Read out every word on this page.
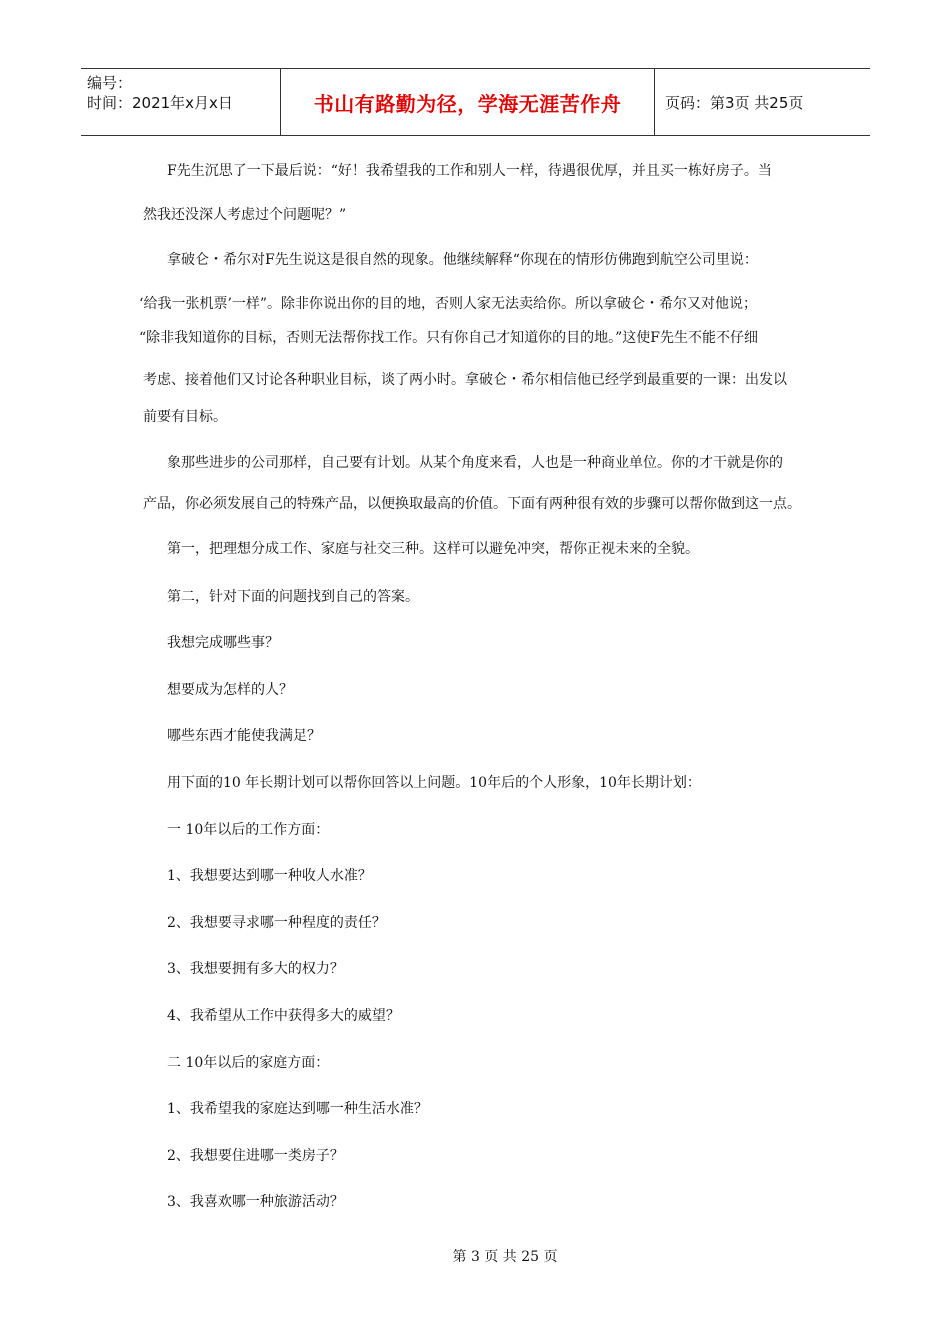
编号：
时间：2021年x月x日	书山有路勤为径，学海无涯苦作舟	页码：第3页 共25页
F先生沉思了一下最后说：“好！我希望我的工作和别人一样，待遇很优厚，并且买一栋好房子。当
然我还没深人考虑过个问题呢？”
拿破仑・希尔对F先生说这是很自然的现象。他继续解释“你现在的情形仿佛跑到航空公司里说：
‘给我一张机票’一样”。除非你说出你的目的地，否则人家无法卖给你。所以拿破仑・希尔又对他说；
“除非我知道你的目标，否则无法帮你找工作。只有你自己才知道你的目的地。”这使F先生不能不仔细
考虑、接着他们又讨论各种职业目标，谈了两小时。拿破仑・希尔相信他已经学到最重要的一课：出发以
前要有目标。
象那些进步的公司那样，自己要有计划。从某个角度来看，人也是一种商业单位。你的才干就是你的
产品，你必须发展自己的特殊产品，以便换取最高的价值。下面有两种很有效的步骤可以帮你做到这一点。
第一，把理想分成工作、家庭与社交三种。这样可以避免冲突，帮你正视未来的全貌。
第二，针对下面的问题找到自己的答案。
我想完成哪些事？
想要成为怎样的人？
哪些东西才能使我满足？
用下面的10 年长期计划可以帮你回答以上问题。10年后的个人形象，10年长期计划：
一 10年以后的工作方面：
1、我想要达到哪一种收人水准？
2、我想要寻求哪一种程度的责任？
3、我想要拥有多大的权力？
4、我希望从工作中获得多大的威望？
二 10年以后的家庭方面：
1、我希望我的家庭达到哪一种生活水准？
2、我想要住进哪一类房子？
3、我喜欢哪一种旅游活动？
第 3 页 共 25 页
